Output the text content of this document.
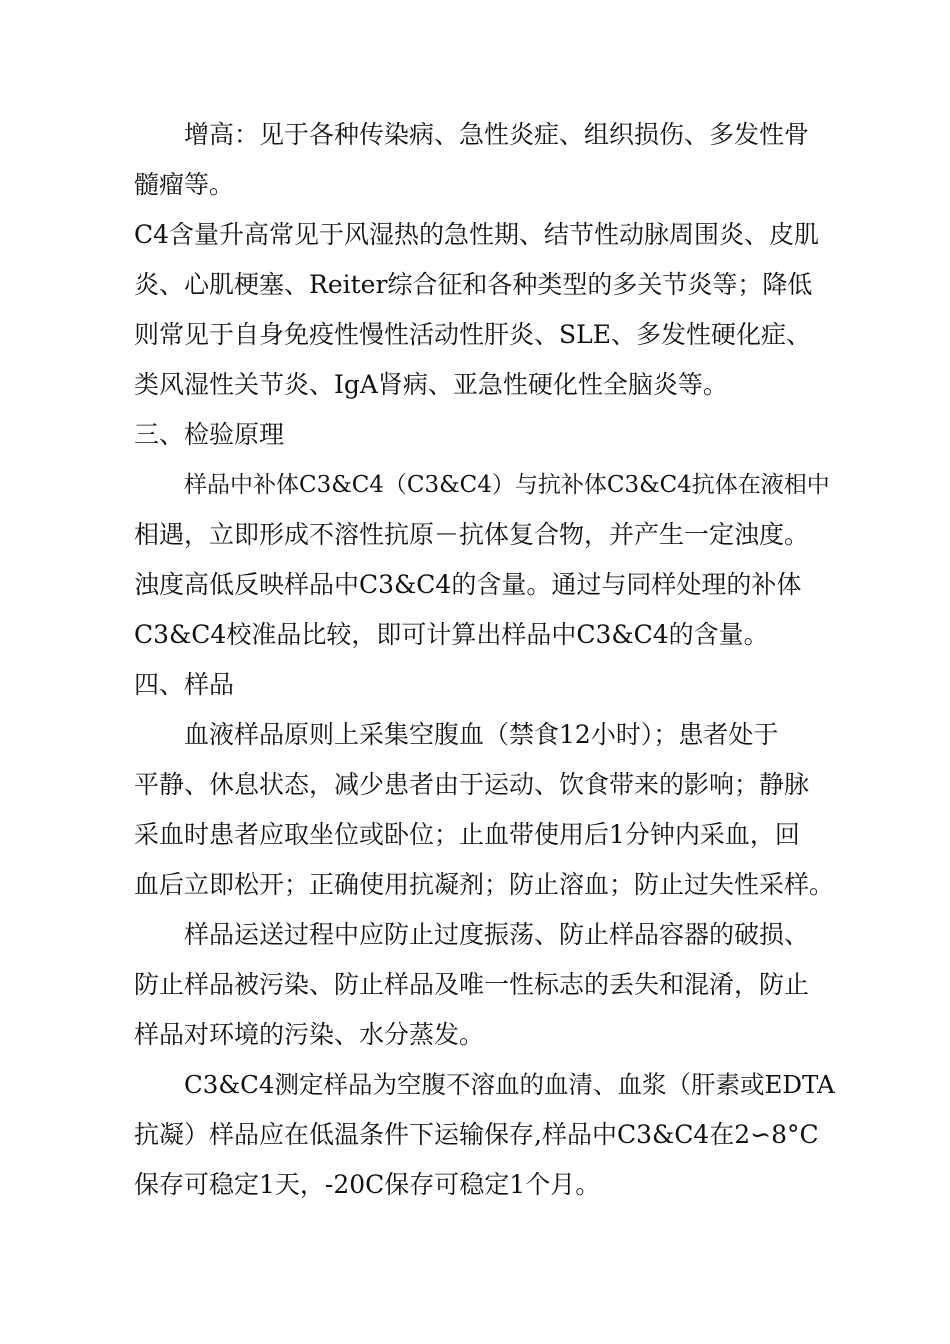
增高：见于各种传染病、急性炎症、组织损伤、多发性骨

髓瘤等。

C4含量升高常见于风湿热的急性期、结节性动脉周围炎、皮肌

炎、心肌梗塞、Reiter综合征和各种类型的多关节炎等；降低

则常见于自身免疫性慢性活动性肝炎、SLE、多发性硬化症、

类风湿性关节炎、IgA肾病、亚急性硬化性全脑炎等。

三、检验原理

样品中补体C3&C4（C3&C4）与抗补体C3&C4抗体在液相中

相遇，立即形成不溶性抗原－抗体复合物，并产生一定浊度。

浊度高低反映样品中C3&C4的含量。通过与同样处理的补体

C3&C4校准品比较，即可计算出样品中C3&C4的含量。

四、样品

血液样品原则上采集空腹血（禁食12小时）；患者处于

平静、休息状态，减少患者由于运动、饮食带来的影响；静脉

采血时患者应取坐位或卧位；止血带使用后1分钟内采血，回

血后立即松开；正确使用抗凝剂；防止溶血；防止过失性采样。

样品运送过程中应防止过度振荡、防止样品容器的破损、

防止样品被污染、防止样品及唯一性标志的丢失和混淆，防止

样品对环境的污染、水分蒸发。

C3&C4测定样品为空腹不溶血的血清、血浆（肝素或EDTA

抗凝）样品应在低温条件下运输保存,样品中C3&C4在2∽8°C

保存可稳定1天，-20C保存可稳定1个月。
